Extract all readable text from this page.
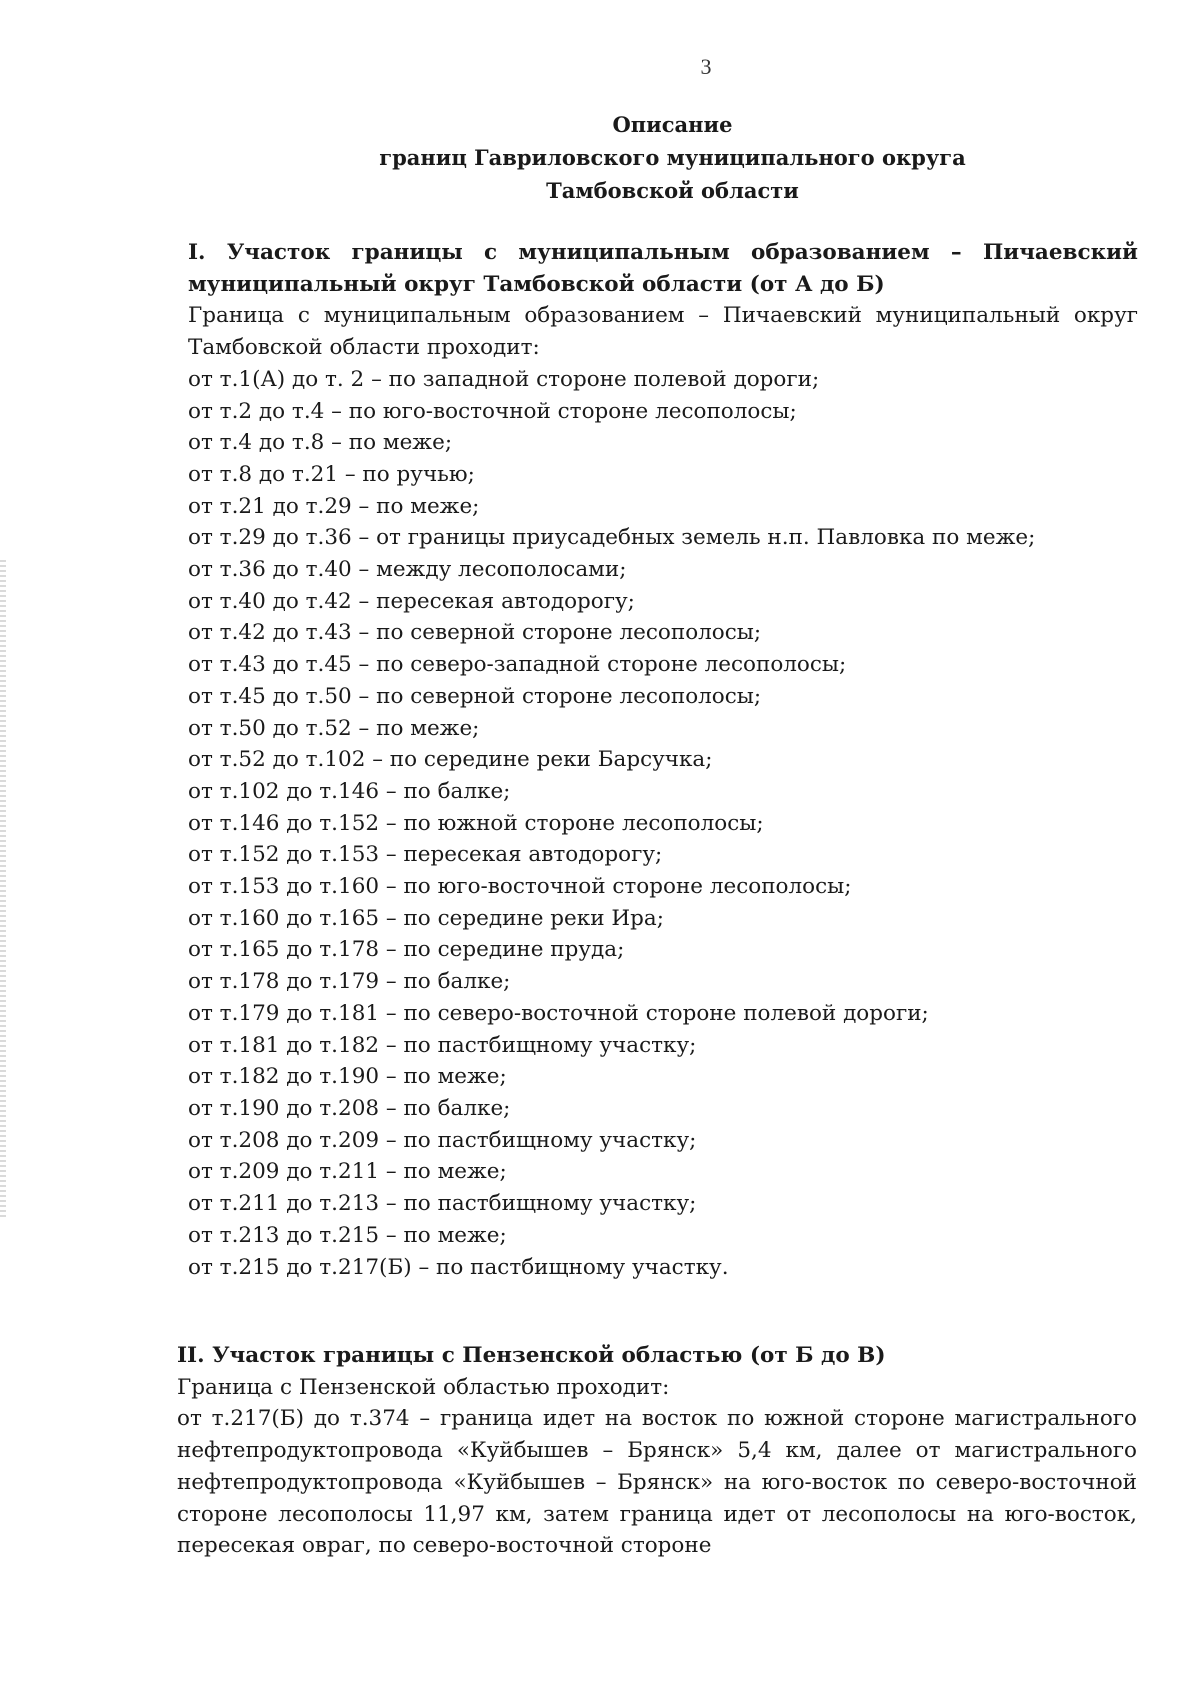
3
Описание
границ Гавриловского муниципального округа
Тамбовской области
I. Участок границы с муниципальным образованием – Пичаевский муниципальный округ Тамбовской области (от А до Б)
Граница с муниципальным образованием – Пичаевский муниципальный округ Тамбовской области проходит:
от т.1(А) до т. 2 – по западной стороне полевой дороги;
от т.2 до т.4 – по юго-восточной стороне лесополосы;
от т.4 до т.8 – по меже;
от т.8 до т.21 – по ручью;
от т.21 до т.29 – по меже;
от т.29 до т.36 – от границы приусадебных земель н.п. Павловка по меже;
от т.36 до т.40 – между лесополосами;
от т.40 до т.42 – пересекая автодорогу;
от т.42 до т.43 – по северной стороне лесополосы;
от т.43 до т.45 – по северо-западной стороне лесополосы;
от т.45 до т.50 – по северной стороне лесополосы;
от т.50 до т.52 – по меже;
от т.52 до т.102 – по середине реки Барсучка;
от т.102 до т.146 – по балке;
от т.146 до т.152 – по южной стороне лесополосы;
от т.152 до т.153 – пересекая автодорогу;
от т.153 до т.160 – по юго-восточной стороне лесополосы;
от т.160 до т.165 – по середине реки Ира;
от т.165 до т.178 – по середине пруда;
от т.178 до т.179 – по балке;
от т.179 до т.181 – по северо-восточной стороне полевой дороги;
от т.181 до т.182 – по пастбищному участку;
от т.182 до т.190 – по меже;
от т.190 до т.208 – по балке;
от т.208 до т.209 – по пастбищному участку;
от т.209 до т.211 – по меже;
от т.211 до т.213 – по пастбищному участку;
от т.213 до т.215 – по меже;
от т.215 до т.217(Б) – по пастбищному участку.
II. Участок границы с Пензенской областью (от Б до В)
Граница с Пензенской областью проходит:
от т.217(Б) до т.374 – граница идет на восток по южной стороне магистрального нефтепродуктопровода «Куйбышев – Брянск» 5,4 км, далее от магистрального нефтепродуктопровода «Куйбышев – Брянск» на юго-восток по северо-восточной стороне лесополосы 11,97 км, затем граница идет от лесополосы на юго-восток, пересекая овраг, по северо-восточной стороне
